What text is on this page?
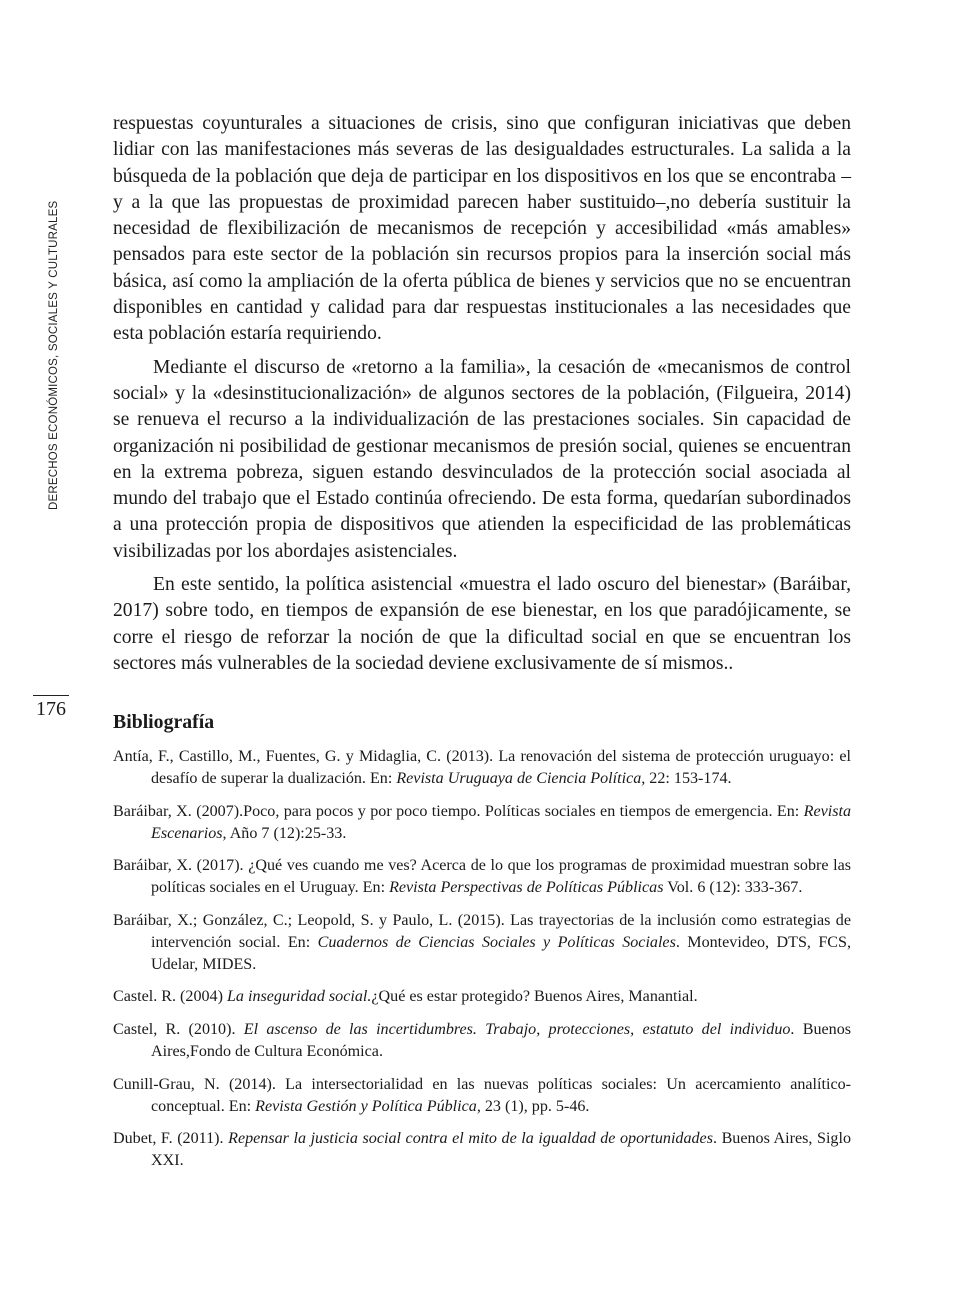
DERECHOS ECONÓMICOS, SOCIALES Y CULTURALES
176

respuestas coyunturales a situaciones de crisis, sino que configuran iniciativas que deben lidiar con las manifestaciones más severas de las desigualdades estructurales. La salida a la búsqueda de la población que deja de participar en los dispositivos en los que se encontraba –y a la que las propuestas de proximidad parecen haber sustituido–,no debería sustituir la necesidad de flexibilización de mecanismos de recepción y accesibilidad «más amables» pensados para este sector de la población sin recursos propios para la inserción social más básica, así como la ampliación de la oferta pública de bienes y servicios que no se encuentran disponibles en cantidad y calidad para dar respuestas institucionales a las necesidades que esta población estaría requiriendo.

Mediante el discurso de «retorno a la familia», la cesación de «mecanismos de control social» y la «desinstitucionalización» de algunos sectores de la población, (Filgueira, 2014) se renueva el recurso a la individualización de las prestaciones sociales. Sin capacidad de organización ni posibilidad de gestionar mecanismos de presión social, quienes se encuentran en la extrema pobreza, siguen estando desvinculados de la protección social asociada al mundo del trabajo que el Estado continúa ofreciendo. De esta forma, quedarían subordinados a una protección propia de dispositivos que atienden la especificidad de las problemáticas visibilizadas por los abordajes asistenciales.

En este sentido, la política asistencial «muestra el lado oscuro del bienestar» (Baráibar, 2017) sobre todo, en tiempos de expansión de ese bienestar, en los que paradójicamente, se corre el riesgo de reforzar la noción de que la dificultad social en que se encuentran los sectores más vulnerables de la sociedad deviene exclusivamente de sí mismos..

Bibliografía

Antía, F., Castillo, M., Fuentes, G. y Midaglia, C. (2013). La renovación del sistema de protección uruguayo: el desafío de superar la dualización. En: Revista Uruguaya de Ciencia Política, 22: 153-174.

Baráibar, X. (2007).Poco, para pocos y por poco tiempo. Políticas sociales en tiempos de emergencia. En: Revista Escenarios, Año 7 (12):25-33.

Baráibar, X. (2017). ¿Qué ves cuando me ves? Acerca de lo que los programas de proximidad muestran sobre las políticas sociales en el Uruguay. En: Revista Perspectivas de Políticas Públicas Vol. 6 (12): 333-367.

Baráibar, X.; González, C.; Leopold, S. y Paulo, L. (2015). Las trayectorias de la inclusión como estrategias de intervención social. En: Cuadernos de Ciencias Sociales y Políticas Sociales. Montevideo, DTS, FCS, Udelar, MIDES.

Castel. R. (2004) La inseguridad social.¿Qué es estar protegido? Buenos Aires, Manantial.

Castel, R. (2010). El ascenso de las incertidumbres. Trabajo, protecciones, estatuto del individuo. Buenos Aires,Fondo de Cultura Económica.

Cunill-Grau, N. (2014). La intersectorialidad en las nuevas políticas sociales: Un acercamiento analítico-conceptual. En: Revista Gestión y Política Pública, 23 (1), pp. 5-46.

Dubet, F. (2011). Repensar la justicia social contra el mito de la igualdad de oportunidades. Buenos Aires, Siglo XXI.
